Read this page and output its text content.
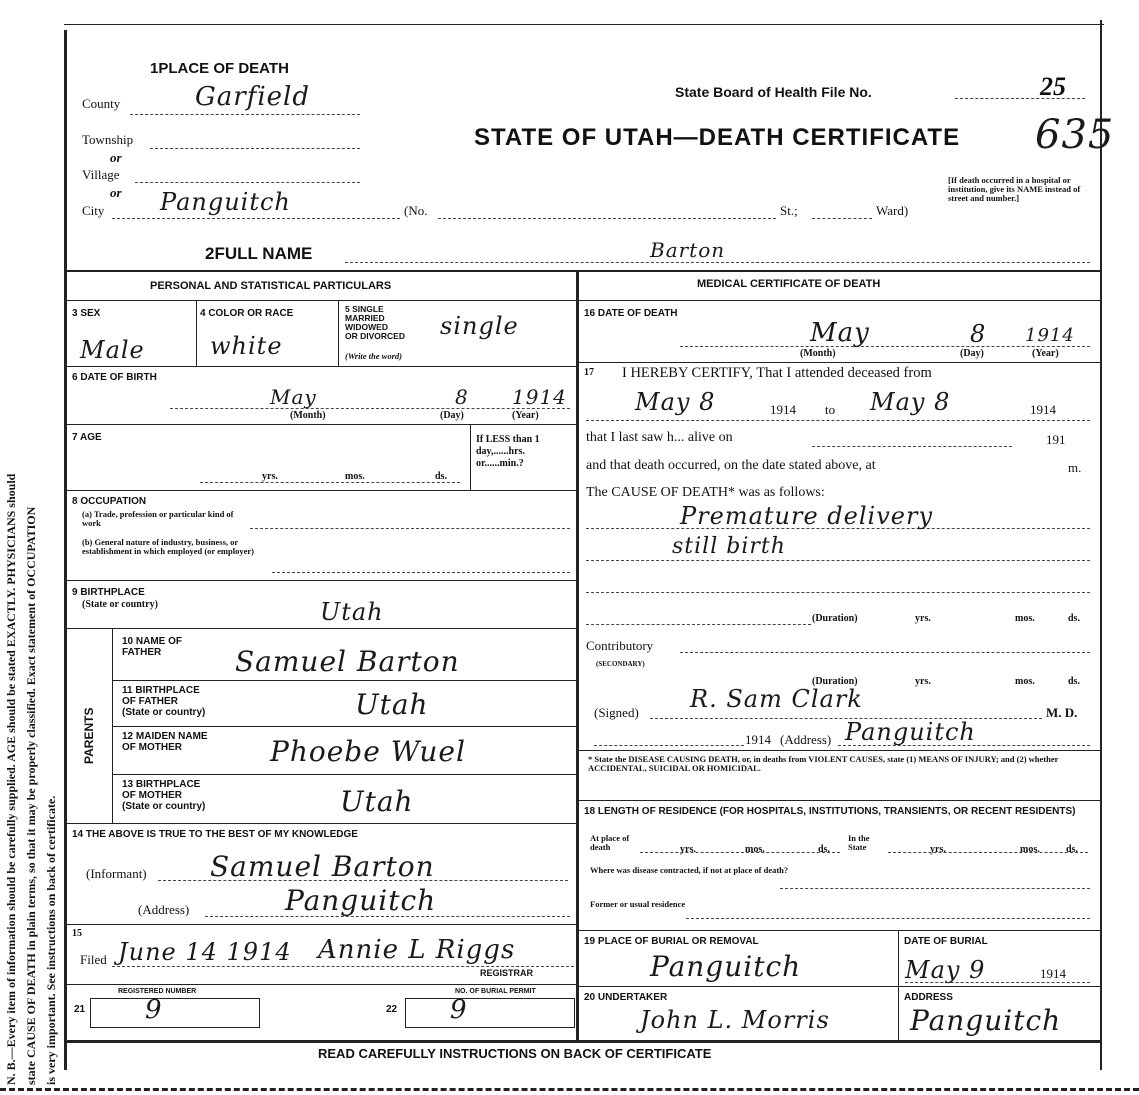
N. B.—Every item of information should be carefully supplied. AGE should be stated EXACTLY. PHYSICIANS should state CAUSE OF DEATH in plain terms, so that it may be properly classified. Exact statement of OCCUPATION is very important. See instructions on back of certificate.
1PLACE OF DEATH
County	Garfield
Township
or
Village
or
City Panguitch	(No.	St.;	Ward)
[If death occurred in a hospital or institution, give its NAME instead of street and number.]
State Board of Health File No.	25
STATE OF UTAH—DEATH CERTIFICATE 635
2FULL NAME	Barton
PERSONAL AND STATISTICAL PARTICULARS	MEDICAL CERTIFICATE OF DEATH
3 SEX
Male
4 COLOR OR RACE
white
5 SINGLE
MARRIED
WIDOWED
OR DIVORCED
(Write the word)
single
6 DATE OF BIRTH
May	8 1914
(Month)	(Day)	(Year)
7 AGE
yrs.	mos.	ds.
If LESS than 1 day,......hrs. or......min.?
8 OCCUPATION
(a) Trade, profession or particular kind of work
(b) General nature of industry, business, or establishment in which employed (or employer)
9 BIRTHPLACE
(State or country)	Utah
PARENTS
10 NAME OF
FATHER	Samuel Barton
11 BIRTHPLACE
OF FATHER
(State or country)	Utah
12 MAIDEN NAME
OF MOTHER	Phoebe Wuel
13 BIRTHPLACE
OF MOTHER
(State or country)	Utah
14 THE ABOVE IS TRUE TO THE BEST OF MY KNOWLEDGE
(Informant) Samuel Barton
(Address)	Panguitch
15
Filed June 14 1914 Annie L Riggs
REGISTRAR
REGISTERED NUMBER
21 9
NO. OF BURIAL PERMIT
22 9
16 DATE OF DEATH
May	8 1914
(Month)	(Day)	(Year)
17 I HEREBY CERTIFY, That I attended deceased from
May 8	1914 to May 8	1914
that I last saw h... alive on	191
and that death occurred, on the date stated above, at	m.
The CAUSE OF DEATH* was as follows:
Premature delivery
still birth
(Duration)	yrs.	mos.	ds.
Contributory
(SECONDARY)
(Duration)	yrs.	mos.	ds.
(Signed) R. Sam Clark	M. D.
1914 (Address) Panguitch
* State the DISEASE CAUSING DEATH, or, in deaths from VIOLENT CAUSES, state (1) MEANS OF INJURY; and (2) whether ACCIDENTAL, SUICIDAL OR HOMICIDAL.
18 LENGTH OF RESIDENCE (FOR HOSPITALS, INSTITUTIONS, TRANSIENTS, OR RECENT RESIDENTS)
At place of death	yrs.	mos.	ds.
In the State	yrs.	mos.	ds.
Where was disease contracted, if not at place of death?
Former or usual residence
19 PLACE OF BURIAL OR REMOVAL
Panguitch
DATE OF BURIAL
May 9	1914
20 UNDERTAKER
John L. Morris
ADDRESS
Panguitch
READ CAREFULLY INSTRUCTIONS ON BACK OF CERTIFICATE
